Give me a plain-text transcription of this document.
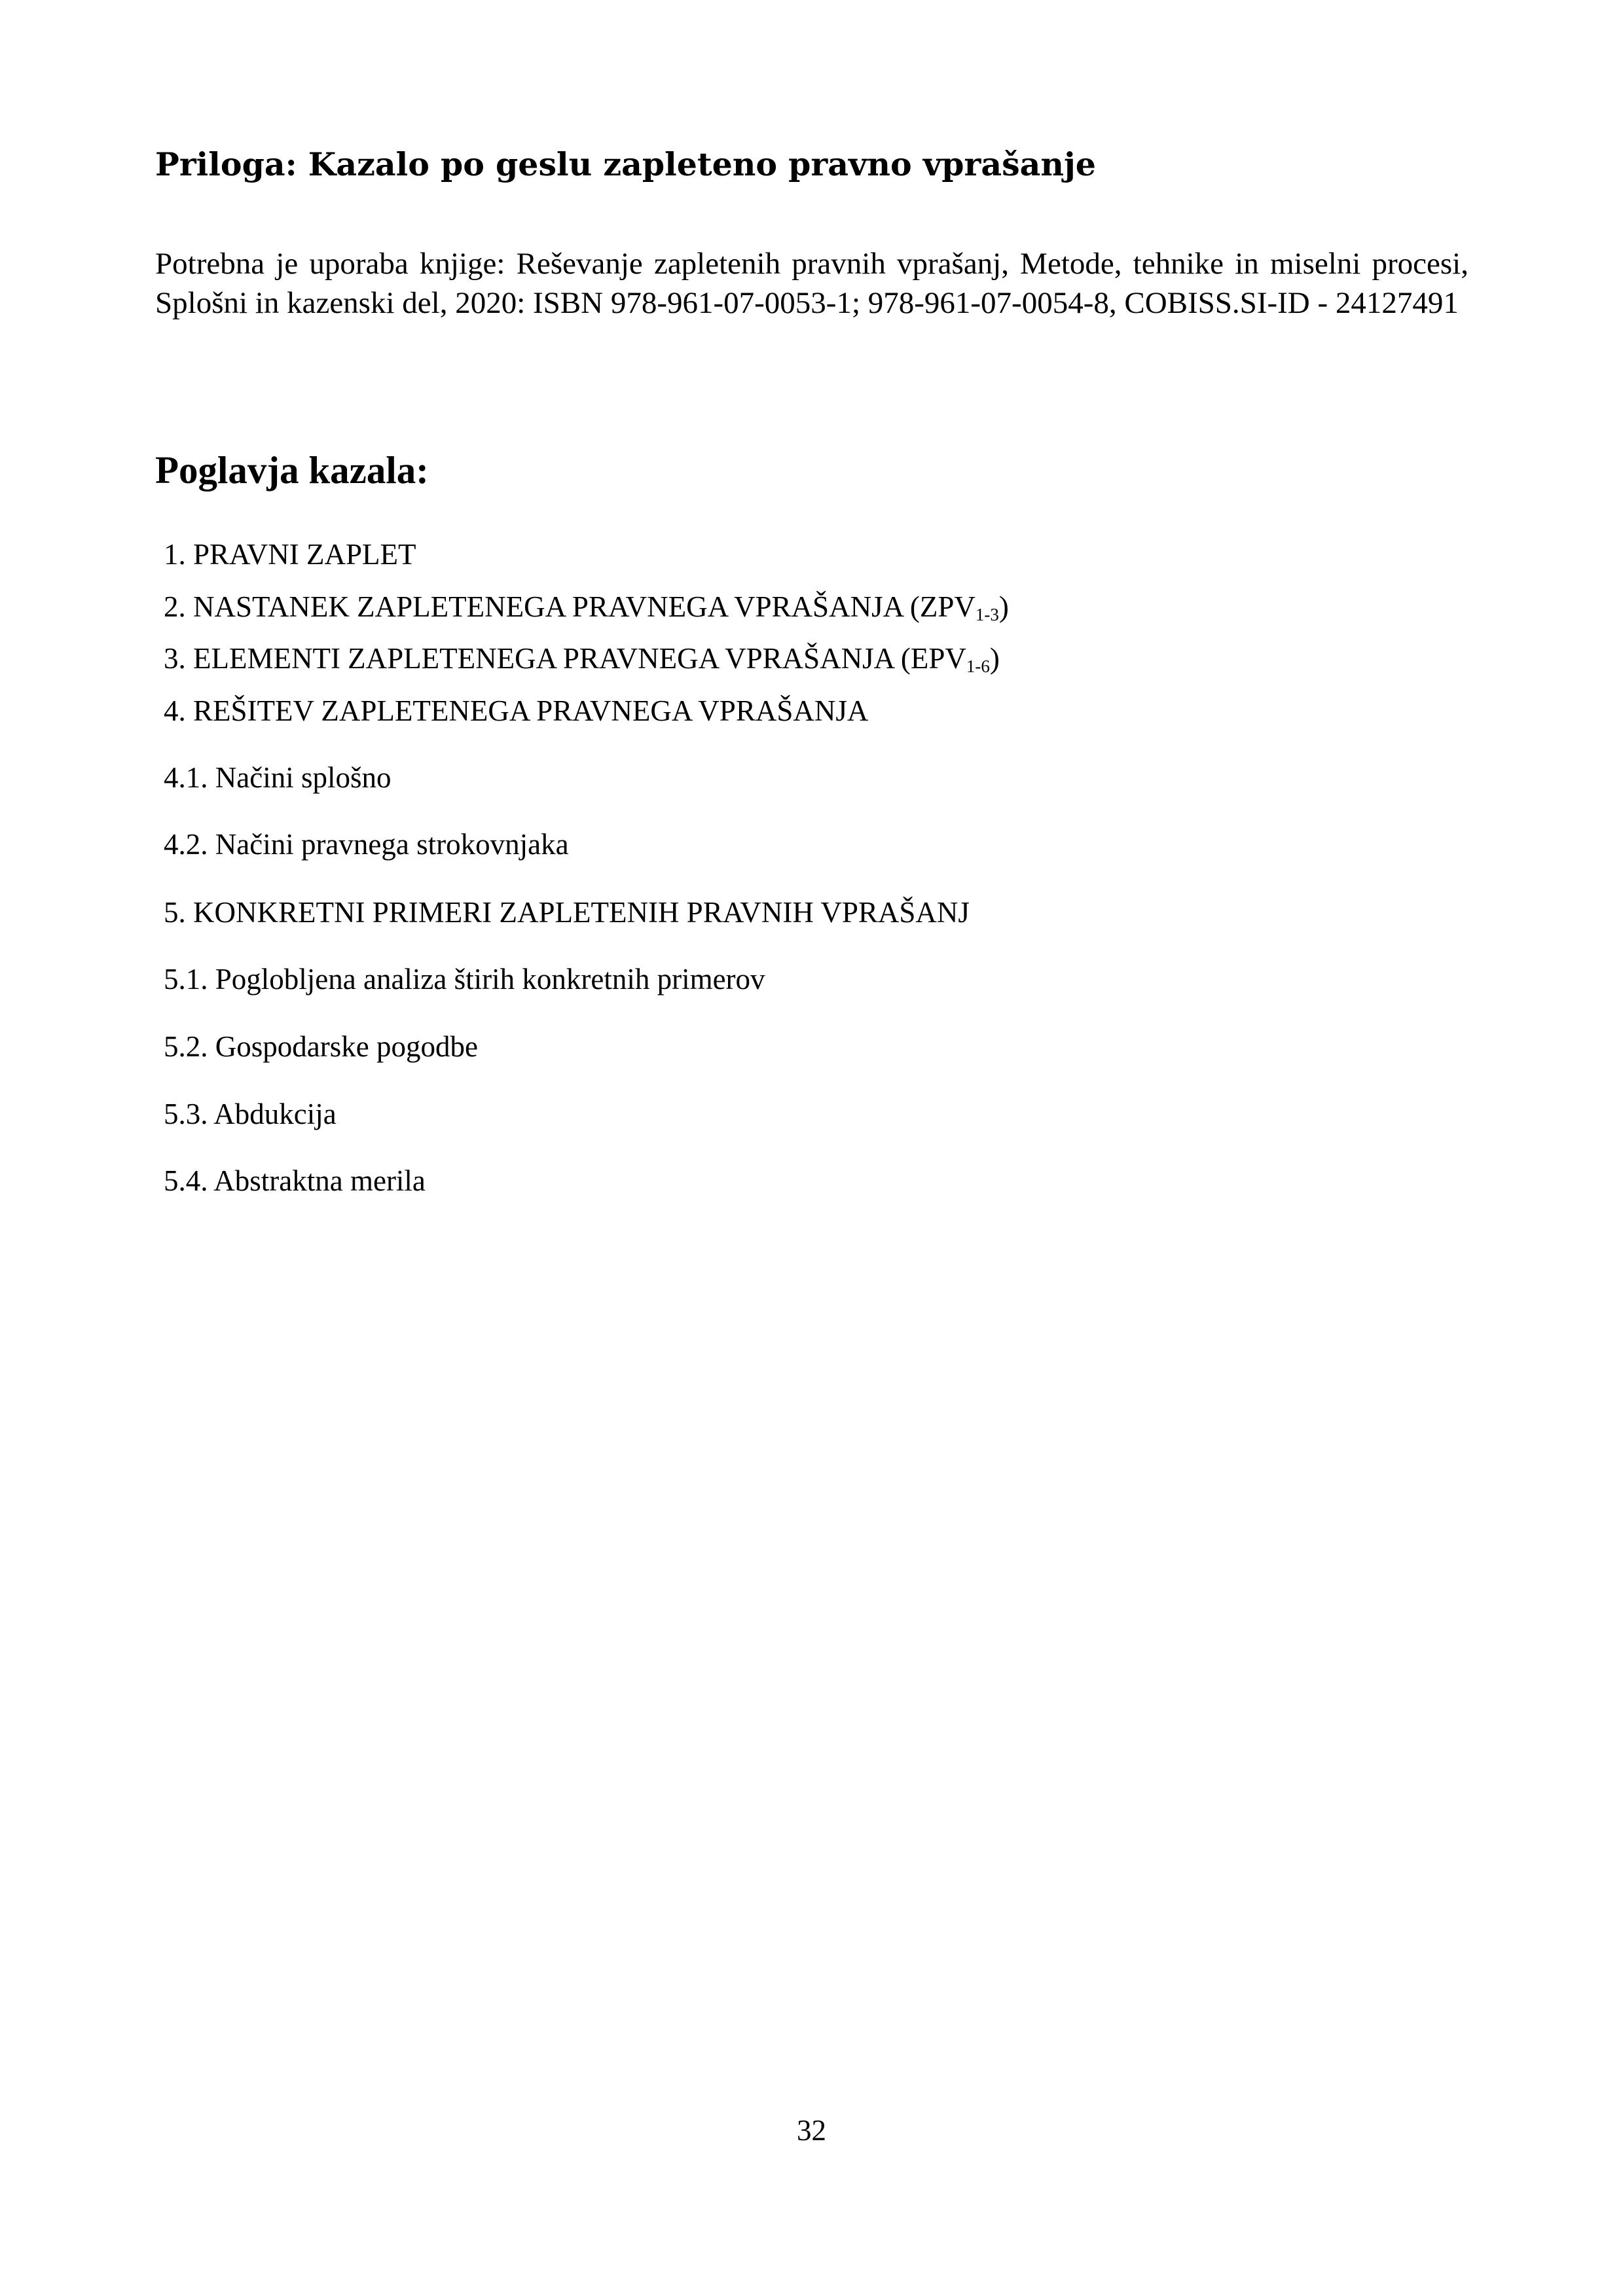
Priloga: Kazalo po geslu zapleteno pravno vprašanje

Potrebna je uporaba knjige: Reševanje zapletenih pravnih vprašanj, Metode, tehnike in miselni procesi, Splošni in kazenski del, 2020: ISBN 978-961-07-0053-1; 978-961-07-0054-8, COBISS.SI-ID - 24127491

Poglavja kazala:
1. PRAVNI ZAPLET
2. NASTANEK ZAPLETENEGA PRAVNEGA VPRAŠANJA $(ZPV_{1-3})$
3. ELEMENTI ZAPLETENEGA PRAVNEGA VPRAŠANJA $(EPV_{1-6})$
4. REŠITEV ZAPLETENEGA PRAVNEGA VPRAŠANJA
4.1. Načini splošno
4.2. Načini pravnega strokovnjaka
5. KONKRETNI PRIMERI ZAPLETENIH PRAVNIH VPRAŠANJ
5.1. Poglobljena analiza štirih konkretnih primerov
5.2. Gospodarske pogodbe
5.3. Abdukcija
5.4. Abstraktna merila
32
